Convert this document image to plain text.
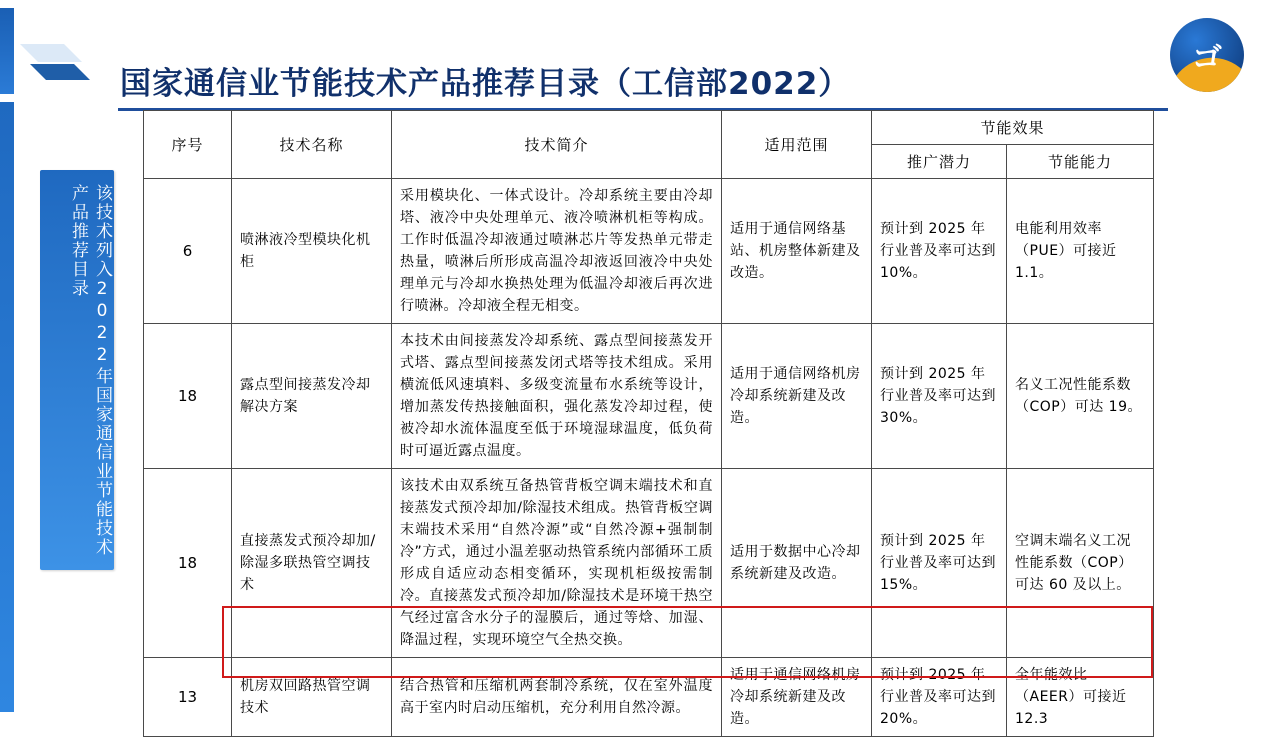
国家通信业节能技术产品推荐目录（工信部2022）
ゴ
该技术列入2022年国家通信业节能技术产品推荐目录
序号	技术名称	技术简介	适用范围	节能效果	
				推广潜力	节能能力
6	喷淋液冷型模块化机柜	采用模块化、一体式设计。冷却系统主要由冷却塔、液冷中央处理单元、液冷喷淋机柜等构成。工作时低温冷却液通过喷淋芯片等发热单元带走热量，喷淋后所形成高温冷却液返回液冷中央处理单元与冷却水换热处理为低温冷却液后再次进行喷淋。冷却液全程无相变。	适用于通信网络基站、机房整体新建及改造。	预计到 2025 年行业普及率可达到 10%。	电能利用效率（PUE）可接近 1.1。
18	露点型间接蒸发冷却解决方案	本技术由间接蒸发冷却系统、露点型间接蒸发开式塔、露点型间接蒸发闭式塔等技术组成。采用横流低风速填料、多级变流量布水系统等设计，增加蒸发传热接触面积，强化蒸发冷却过程，使被冷却水流体温度至低于环境湿球温度，低负荷时可逼近露点温度。	适用于通信网络机房冷却系统新建及改造。	预计到 2025 年行业普及率可达到 30%。	名义工况性能系数（COP）可达 19。
18	直接蒸发式预冷却加/除湿多联热管空调技术	该技术由双系统互备热管背板空调末端技术和直接蒸发式预冷却加/除湿技术组成。热管背板空调末端技术采用“自然冷源”或“自然冷源+强制制冷”方式，通过小温差驱动热管系统内部循环工质形成自适应动态相变循环，实现机柜级按需制冷。直接蒸发式预冷却加/除湿技术是环境干热空气经过富含水分子的湿膜后，通过等焓、加湿、降温过程，实现环境空气全热交换。	适用于数据中心冷却系统新建及改造。	预计到 2025 年行业普及率可达到 15%。	空调末端名义工况性能系数（COP）可达 60 及以上。
13	机房双回路热管空调技术	结合热管和压缩机两套制冷系统，仅在室外温度高于室内时启动压缩机，充分利用自然冷源。	适用于通信网络机房冷却系统新建及改造。	预计到 2025 年行业普及率可达到 20%。	全年能效比（AEER）可接近 12.3
